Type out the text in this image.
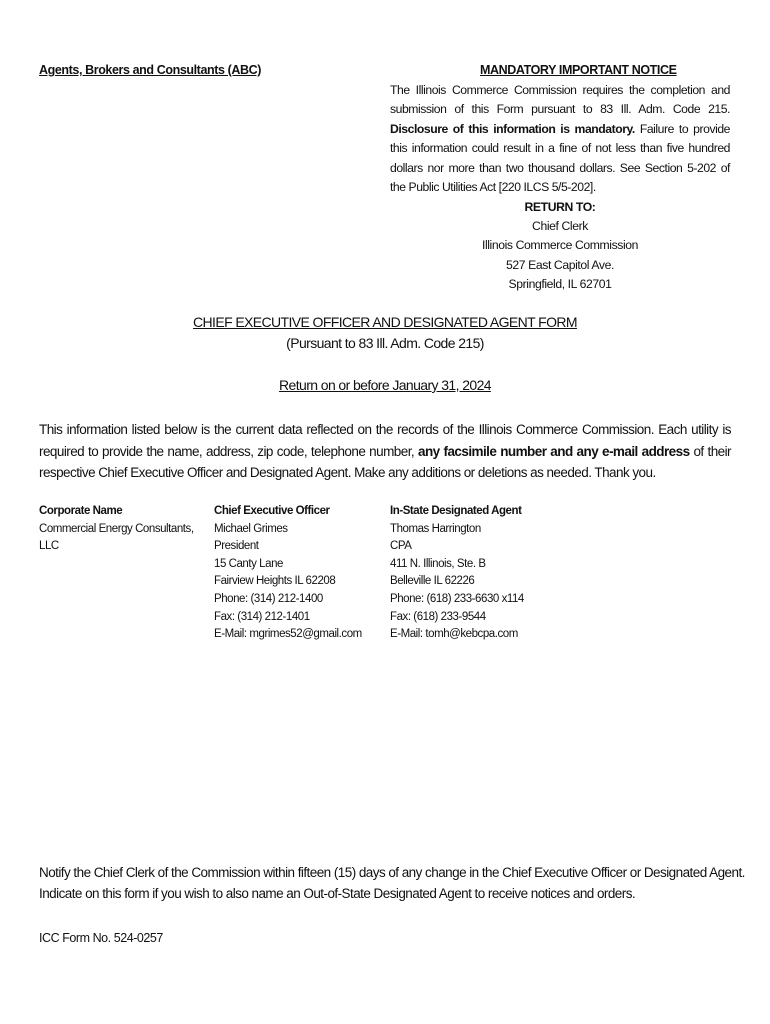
Agents, Brokers and Consultants (ABC)	MANDATORY IMPORTANT NOTICE
The Illinois Commerce Commission requires the completion and submission of this Form pursuant to 83 Ill. Adm. Code 215. Disclosure of this information is mandatory. Failure to provide this information could result in a fine of not less than five hundred dollars nor more than two thousand dollars. See Section 5-202 of the Public Utilities Act [220 ILCS 5/5-202].
RETURN TO:
Chief Clerk
Illinois Commerce Commission
527 East Capitol Ave.
Springfield, IL 62701
CHIEF EXECUTIVE OFFICER AND DESIGNATED AGENT FORM
(Pursuant to 83 Ill. Adm. Code 215)
Return on or before January 31, 2024
This information listed below is the current data reflected on the records of the Illinois Commerce Commission. Each utility is required to provide the name, address, zip code, telephone number, any facsimile number and any e-mail address of their respective Chief Executive Officer and Designated Agent. Make any additions or deletions as needed. Thank you.
Corporate Name
Commercial Energy Consultants, LLC
Chief Executive Officer
Michael Grimes
President
15 Canty Lane
Fairview Heights IL 62208
Phone: (314) 212-1400
Fax: (314) 212-1401
E-Mail: mgrimes52@gmail.com
In-State Designated Agent
Thomas Harrington
CPA
411 N. Illinois, Ste. B
Belleville IL 62226
Phone: (618) 233-6630 x114
Fax: (618) 233-9544
E-Mail: tomh@kebcpa.com
Notify the Chief Clerk of the Commission within fifteen (15) days of any change in the Chief Executive Officer or Designated Agent.
Indicate on this form if you wish to also name an Out-of-State Designated Agent to receive notices and orders.
ICC Form No. 524-0257
